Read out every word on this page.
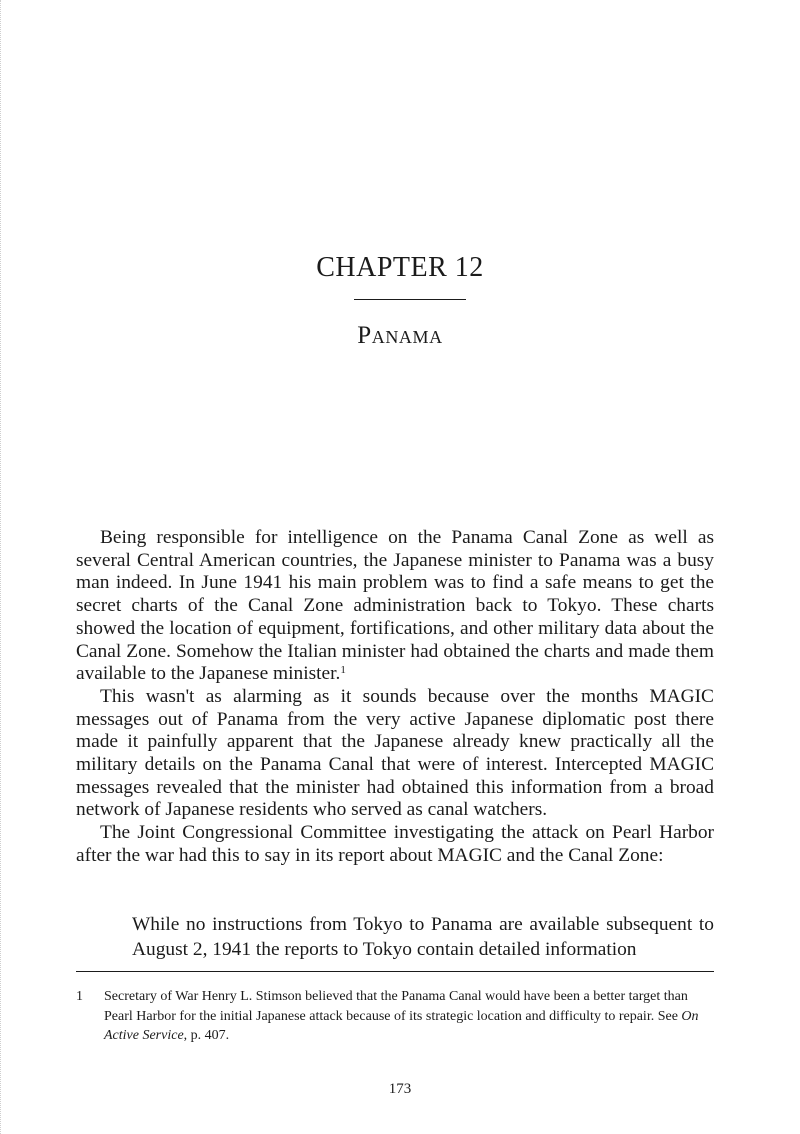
CHAPTER 12
Panama

Being responsible for intelligence on the Panama Canal Zone as well as several Central American countries, the Japanese minister to Panama was a busy man indeed. In June 1941 his main problem was to find a safe means to get the secret charts of the Canal Zone administration back to Tokyo. These charts showed the location of equipment, fortifications, and other military data about the Canal Zone. Somehow the Italian minister had obtained the charts and made them available to the Japanese minister.$^1$

This wasn't as alarming as it sounds because over the months MAGIC messages out of Panama from the very active Japanese diplomatic post there made it painfully apparent that the Japanese already knew practically all the military details on the Panama Canal that were of interest. Intercepted MAGIC messages revealed that the minister had obtained this information from a broad network of Japanese residents who served as canal watchers.

The Joint Congressional Committee investigating the attack on Pearl Harbor after the war had this to say in its report about MAGIC and the Canal Zone:

While no instructions from Tokyo to Panama are available subsequent to August 2, 1941 the reports to Tokyo contain detailed information
1 Secretary of War Henry L. Stimson believed that the Panama Canal would have been a better target than Pearl Harbor for the initial Japanese attack because of its strategic location and difficulty to repair. See On Active Service, p. 407.
173
